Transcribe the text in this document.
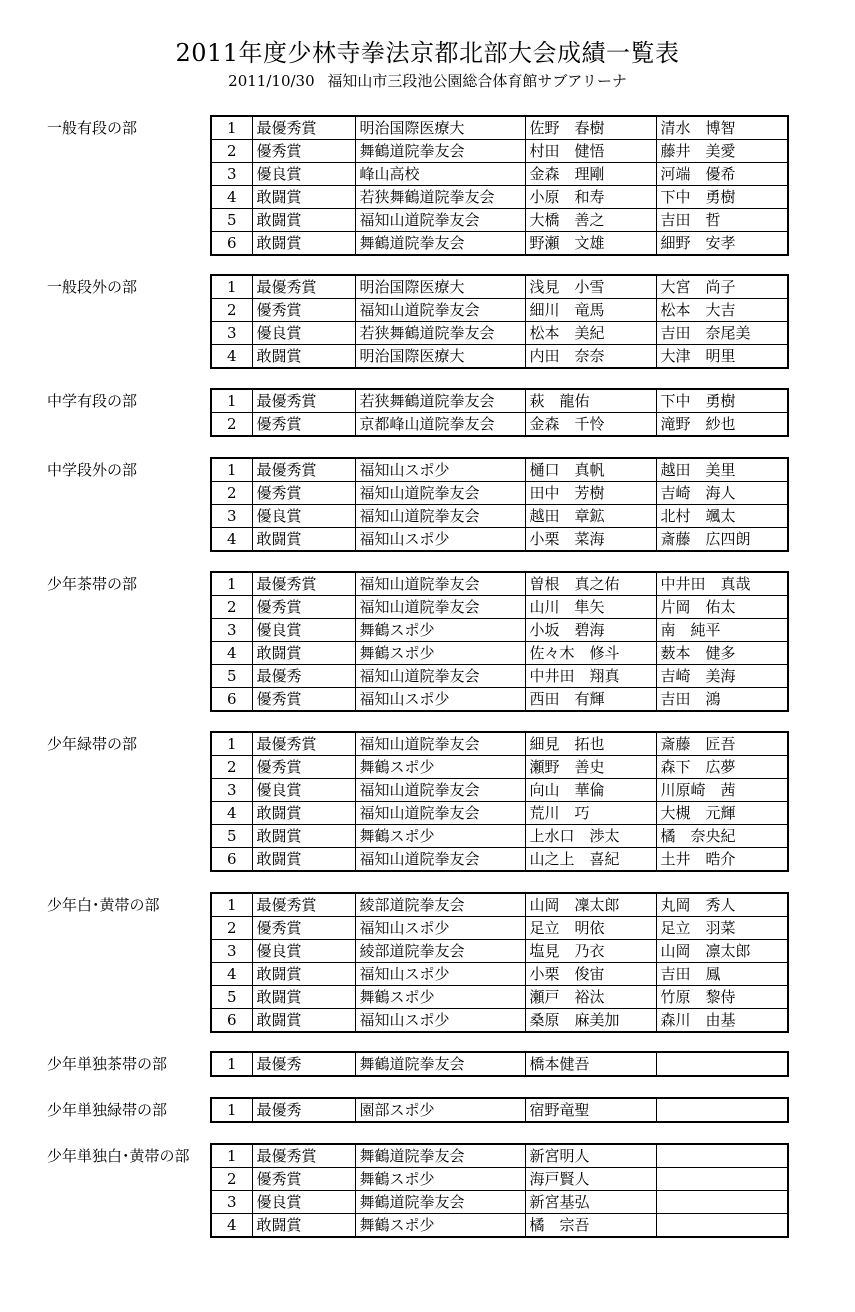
2011年度少林寺拳法京都北部大会成績一覧表

2011/10/30 福知山市三段池公園総合体育館サブアリーナ

一般有段の部	1	最優秀賞	明治国際医療大	佐野　春樹	清水　博智
2	優秀賞	舞鶴道院拳友会	村田　健悟	藤井　美愛
3	優良賞	峰山高校	金森　理剛	河端　優希
4	敢闘賞	若狭舞鶴道院拳友会	小原　和寿	下中　勇樹
5	敢闘賞	福知山道院拳友会	大橋　善之	吉田　哲
6	敢闘賞	舞鶴道院拳友会	野瀬　文雄	細野　安孝
一般段外の部	1	最優秀賞	明治国際医療大	浅見　小雪	大宮　尚子
2	優秀賞	福知山道院拳友会	細川　竜馬	松本　大吉
3	優良賞	若狭舞鶴道院拳友会	松本　美紀	吉田　奈尾美
4	敢闘賞	明治国際医療大	内田　奈奈	大津　明里
中学有段の部	1	最優秀賞	若狭舞鶴道院拳友会	萩　龍佑	下中　勇樹
2	優秀賞	京都峰山道院拳友会	金森　千怜	滝野　紗也
中学段外の部	1	最優秀賞	福知山スポ少	樋口　真帆	越田　美里
2	優秀賞	福知山道院拳友会	田中　芳樹	吉崎　海人
3	優良賞	福知山道院拳友会	越田　章鉱	北村　颯太
4	敢闘賞	福知山スポ少	小栗　菜海	斎藤　広四朗
少年茶帯の部	1	最優秀賞	福知山道院拳友会	曽根　真之佑	中井田　真哉
2	優秀賞	福知山道院拳友会	山川　隼矢	片岡　佑太
3	優良賞	舞鶴スポ少	小坂　碧海	南　純平
4	敢闘賞	舞鶴スポ少	佐々木　修斗	薮本　健多
5	最優秀	福知山道院拳友会	中井田　翔真	吉崎　美海
6	優秀賞	福知山スポ少	西田　有輝	吉田　鴻
少年緑帯の部	1	最優秀賞	福知山道院拳友会	細見　拓也	斎藤　匠吾
2	優秀賞	舞鶴スポ少	瀬野　善史	森下　広夢
3	優良賞	福知山道院拳友会	向山　華倫	川原崎　茜
4	敢闘賞	福知山道院拳友会	荒川　巧	大槻　元輝
5	敢闘賞	舞鶴スポ少	上水口　渉太	橘　奈央紀
6	敢闘賞	福知山道院拳友会	山之上　喜紀	土井　晧介
少年白･黄帯の部	1	最優秀賞	綾部道院拳友会	山岡　凜太郎	丸岡　秀人
2	優秀賞	福知山スポ少	足立　明依	足立　羽菜
3	優良賞	綾部道院拳友会	塩見　乃衣	山岡　凛太郎
4	敢闘賞	福知山スポ少	小栗　俊宙	吉田　鳳
5	敢闘賞	舞鶴スポ少	瀬戸　裕汰	竹原　黎侍
6	敢闘賞	福知山スポ少	桑原　麻美加	森川　由基
少年単独茶帯の部	1	最優秀	舞鶴道院拳友会	橋本健吾	
少年単独緑帯の部	1	最優秀	園部スポ少	宿野竜聖	
少年単独白･黄帯の部 1	最優秀賞	舞鶴道院拳友会	新宮明人	
2	優秀賞	舞鶴スポ少	海戸賢人	
3	優良賞	舞鶴道院拳友会	新宮基弘	
4	敢闘賞	舞鶴スポ少	橘　宗吾	
